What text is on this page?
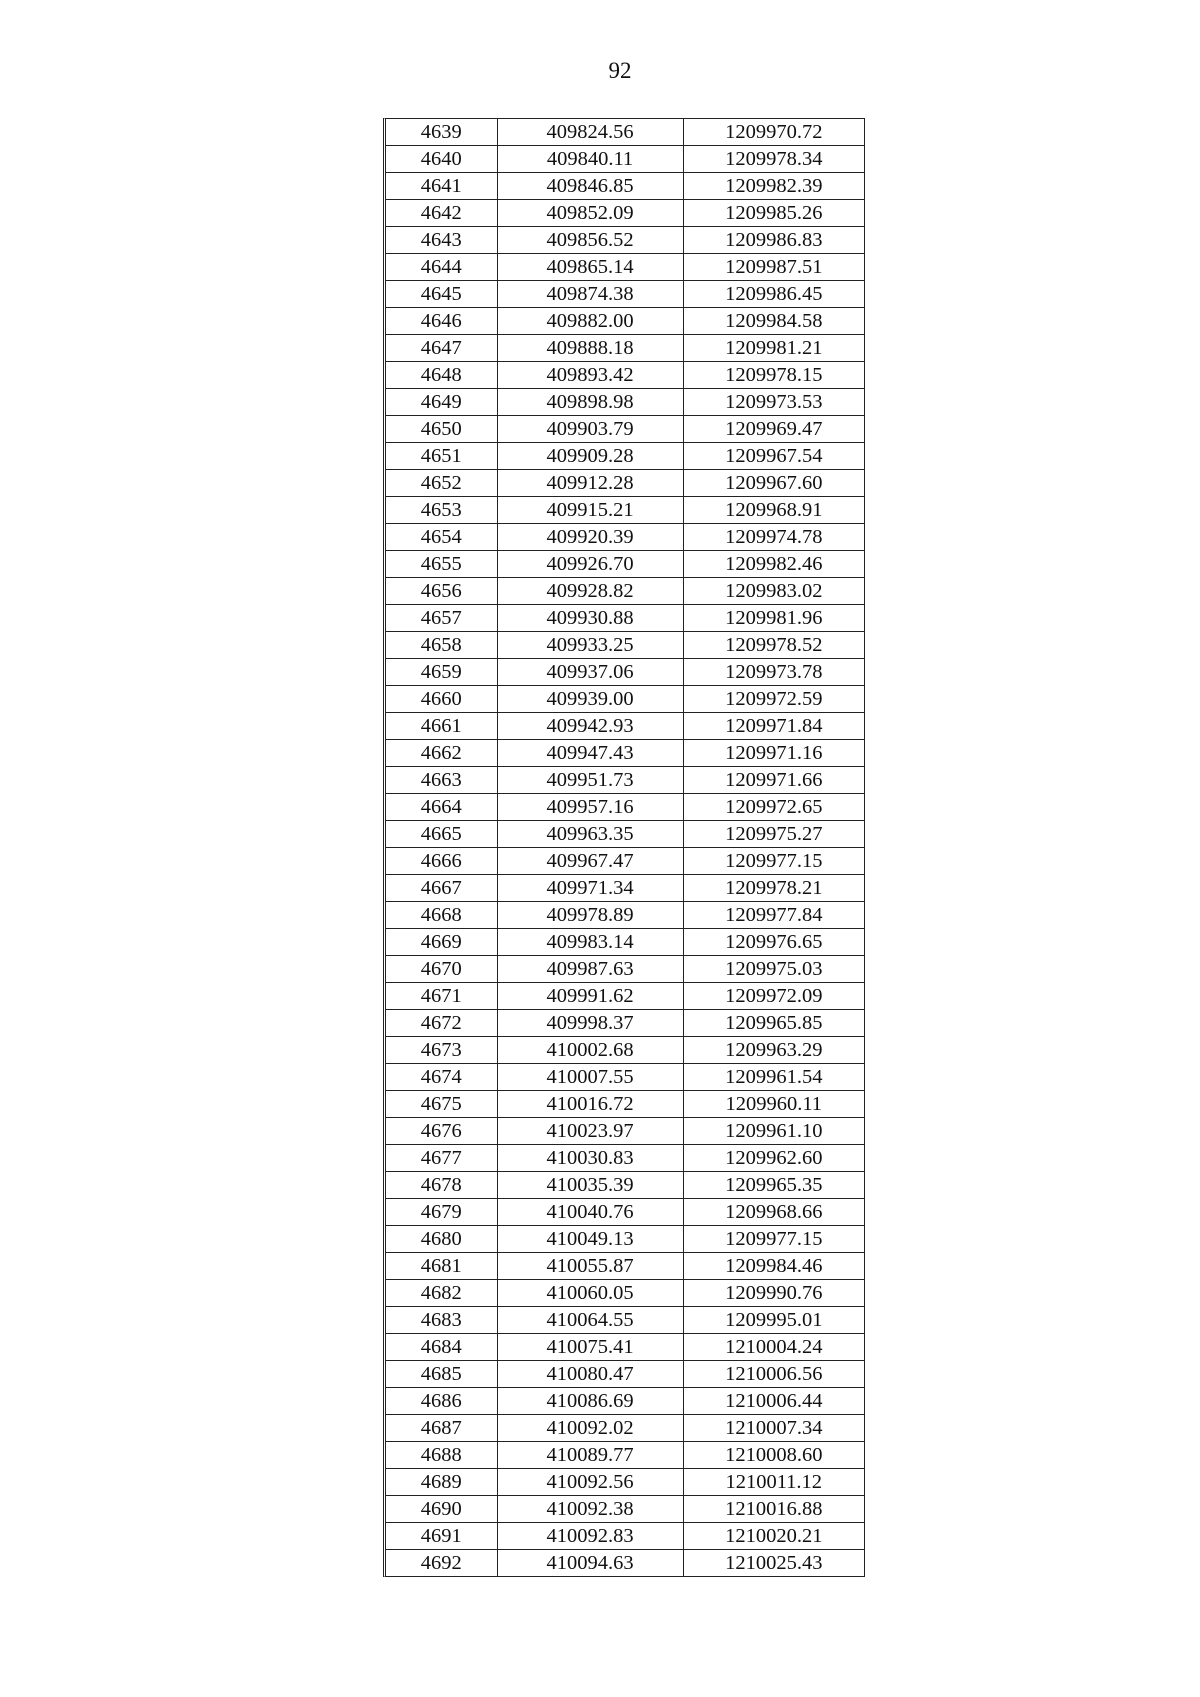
92
4639	409824.56	1209970.72
4640	409840.11	1209978.34
4641	409846.85	1209982.39
4642	409852.09	1209985.26
4643	409856.52	1209986.83
4644	409865.14	1209987.51
4645	409874.38	1209986.45
4646	409882.00	1209984.58
4647	409888.18	1209981.21
4648	409893.42	1209978.15
4649	409898.98	1209973.53
4650	409903.79	1209969.47
4651	409909.28	1209967.54
4652	409912.28	1209967.60
4653	409915.21	1209968.91
4654	409920.39	1209974.78
4655	409926.70	1209982.46
4656	409928.82	1209983.02
4657	409930.88	1209981.96
4658	409933.25	1209978.52
4659	409937.06	1209973.78
4660	409939.00	1209972.59
4661	409942.93	1209971.84
4662	409947.43	1209971.16
4663	409951.73	1209971.66
4664	409957.16	1209972.65
4665	409963.35	1209975.27
4666	409967.47	1209977.15
4667	409971.34	1209978.21
4668	409978.89	1209977.84
4669	409983.14	1209976.65
4670	409987.63	1209975.03
4671	409991.62	1209972.09
4672	409998.37	1209965.85
4673	410002.68	1209963.29
4674	410007.55	1209961.54
4675	410016.72	1209960.11
4676	410023.97	1209961.10
4677	410030.83	1209962.60
4678	410035.39	1209965.35
4679	410040.76	1209968.66
4680	410049.13	1209977.15
4681	410055.87	1209984.46
4682	410060.05	1209990.76
4683	410064.55	1209995.01
4684	410075.41	1210004.24
4685	410080.47	1210006.56
4686	410086.69	1210006.44
4687	410092.02	1210007.34
4688	410089.77	1210008.60
4689	410092.56	1210011.12
4690	410092.38	1210016.88
4691	410092.83	1210020.21
4692	410094.63	1210025.43
